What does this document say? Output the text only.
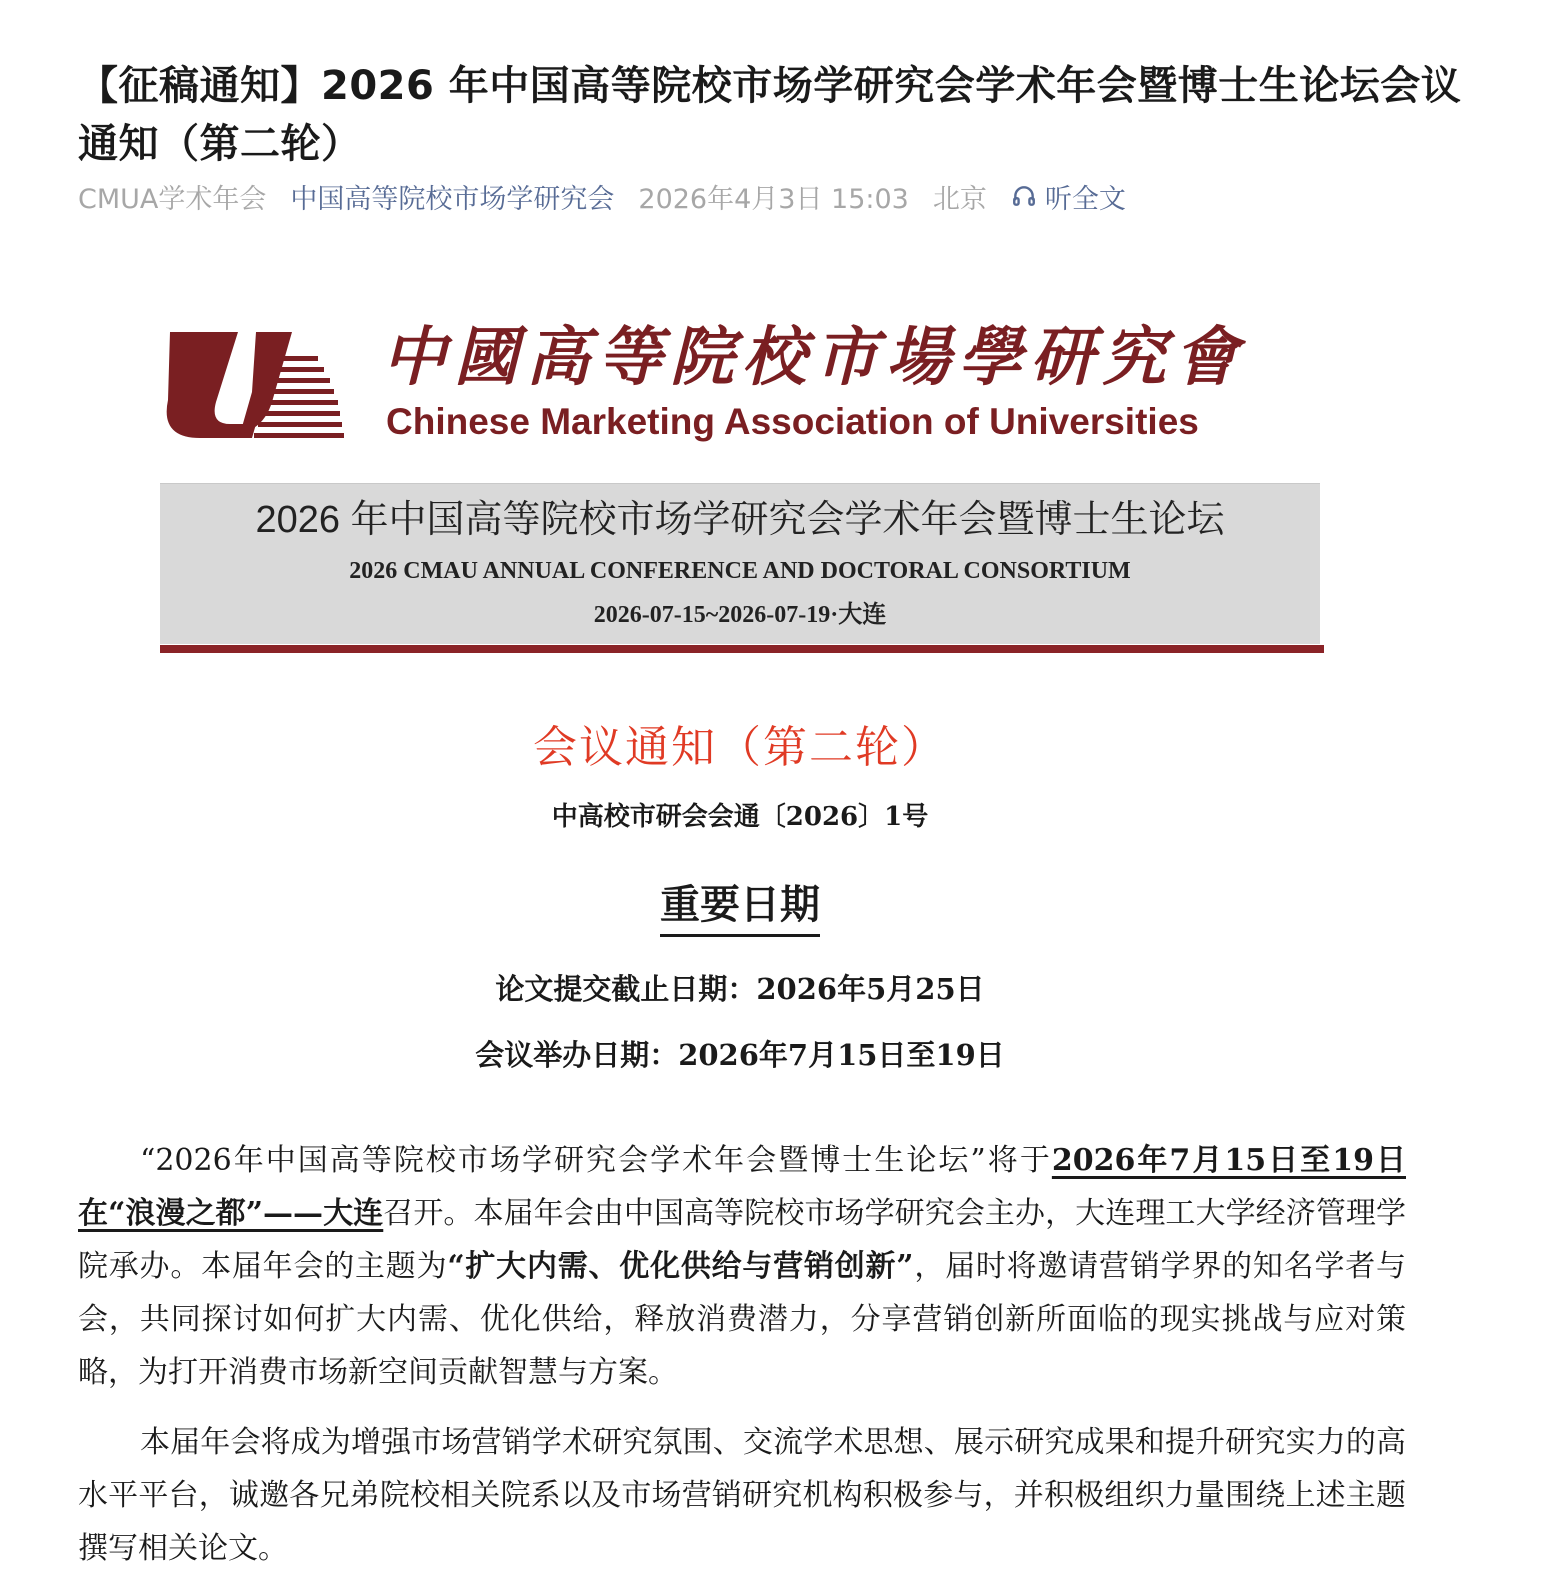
【征稿通知】2026 年中国高等院校市场学研究会学术年会暨博士生论坛会议通知（第二轮）
CMUA学术年会 中国高等院校市场学研究会 2026年4月3日 15:03 北京 听全文
中國高等院校市場學研究會
Chinese Marketing Association of Universities
2026 年中国高等院校市场学研究会学术年会暨博士生论坛
2026 CMAU ANNUAL CONFERENCE AND DOCTORAL CONSORTIUM
2026-07-15~2026-07-19·大连
会议通知（第二轮）
中高校市研会会通〔2026〕1号
重要日期
论文提交截止日期：2026年5月25日
会议举办日期：2026年7月15日至19日

“2026年中国高等院校市场学研究会学术年会暨博士生论坛”将于2026年7月15日至19日在“浪漫之都”——大连召开。本届年会由中国高等院校市场学研究会主办，大连理工大学经济管理学院承办。本届年会的主题为“扩大内需、优化供给与营销创新”，届时将邀请营销学界的知名学者与会，共同探讨如何扩大内需、优化供给，释放消费潜力，分享营销创新所面临的现实挑战与应对策略，为打开消费市场新空间贡献智慧与方案。

本届年会将成为增强市场营销学术研究氛围、交流学术思想、展示研究成果和提升研究实力的高水平平台，诚邀各兄弟院校相关院系以及市场营销研究机构积极参与，并积极组织力量围绕上述主题撰写相关论文。
